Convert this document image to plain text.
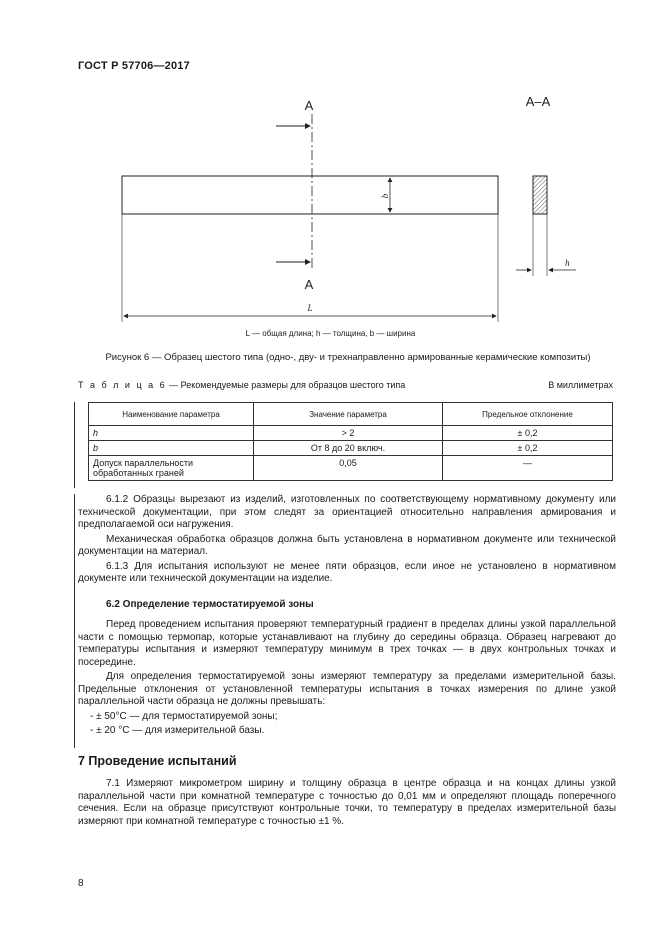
ГОСТ Р 57706—2017
А
А
А–А
b
h
L
L — общая длина; h — толщина, b — ширина
Рисунок 6 — Образец шестого типа (одно-, дву- и трехнаправленно армированные керамические композиты)
Т а б л и ц а 6 — Рекомендуемые размеры для образцов шестого типа	В миллиметрах
Наименование параметра	Значение параметра	Предельное отклонение
h	> 2	± 0,2
b	От 8 до 20 включ.	± 0,2
Допуск параллельности обработанных граней	0,05	—

6.1.2 Образцы вырезают из изделий, изготовленных по соответствующему нормативному документу или технической документации, при этом следят за ориентацией относительно направления армирования и предполагаемой оси нагружения.

Механическая обработка образцов должна быть установлена в нормативном документе или технической документации на материал.

6.1.3 Для испытания используют не менее пяти образцов, если иное не установлено в нормативном документе или технической документации на изделие.

6.2 Определение термостатируемой зоны

Перед проведением испытания проверяют температурный градиент в пределах длины узкой параллельной части с помощью термопар, которые устанавливают на глубину до середины образца. Образец нагревают до температуры испытания и измеряют температуру минимум в трех точках — в двух контрольных точках и посередине.

Для определения термостатируемой зоны измеряют температуру за пределами измерительной базы. Предельные отклонения от установленной температуры испытания в точках измерения по длине узкой параллельной части образца не должны превышать:

- ± 50°С — для термостатируемой зоны;

- ± 20 °С — для измерительной базы.

7 Проведение испытаний

7.1 Измеряют микрометром ширину и толщину образца в центре образца и на концах длины узкой параллельной части при комнатной температуре с точностью до 0,01 мм и определяют площадь поперечного сечения. Если на образце присутствуют контрольные точки, то температуру в пределах измерительной базы измеряют при комнатной температуре с точностью ±1 %.

8
